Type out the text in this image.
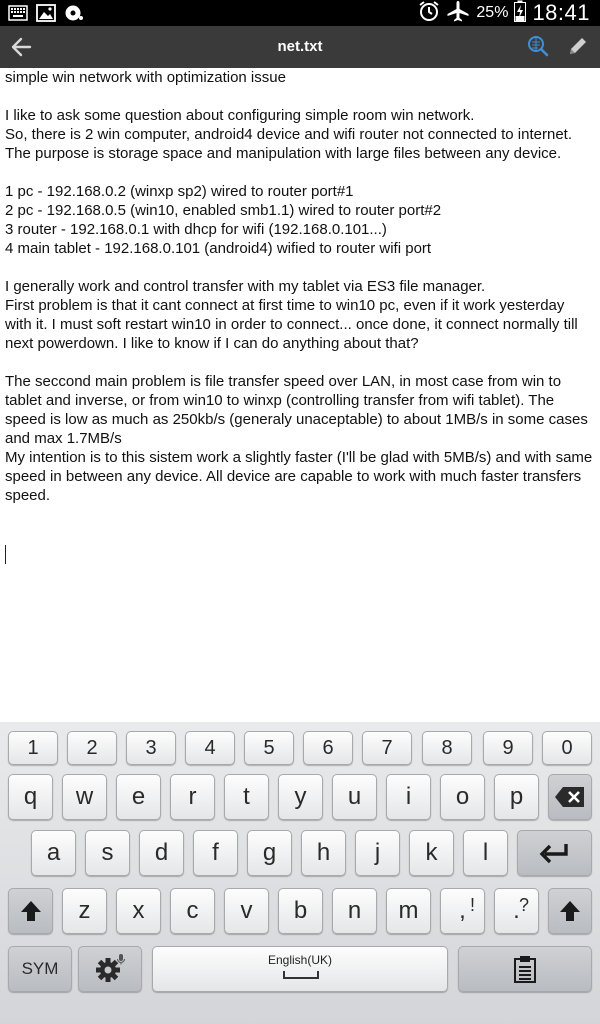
25% 18:41
net.txt
simple win network with optimization issue

I like to ask some question about configuring simple room win network.
So, there is 2 win computer, android4 device and wifi router not connected to internet. The purpose is storage space and manipulation with large files between any device.

1 pc - 192.168.0.2 (winxp sp2) wired to router port#1
2 pc - 192.168.0.5 (win10, enabled smb1.1) wired to router port#2
3 router - 192.168.0.1 with dhcp for wifi (192.168.0.101...)
4 main tablet - 192.168.0.101 (android4) wified to router wifi port

I generally work and control transfer with my tablet via ES3 file manager.
First problem is that it cant connect at first time to win10 pc, even if it work yesterday with it. I must soft restart win10 in order to connect... once done, it connect normally till next powerdown. I like to know if I can do anything about that?

The seccond main problem is file transfer speed over LAN, in most case from win to tablet and inverse, or from win10 to winxp (controlling transfer from wifi tablet). The speed is low as much as 250kb/s (generaly unaceptable) to about 1MB/s in some cases and max 1.7MB/s
My intention is to this sistem work a slightly faster (I'll be glad with 5MB/s) and with same speed in between any device. All device are capable to work with much faster transfers speed.
1	2	3	4	5	6	7	8	9	0
q	w	e	r	t	y	u	i	o	p
a	s	d	f	g	h	j	k	l
z	x	c	v	b	n	m	, ! . ?
SYM	English(UK)
